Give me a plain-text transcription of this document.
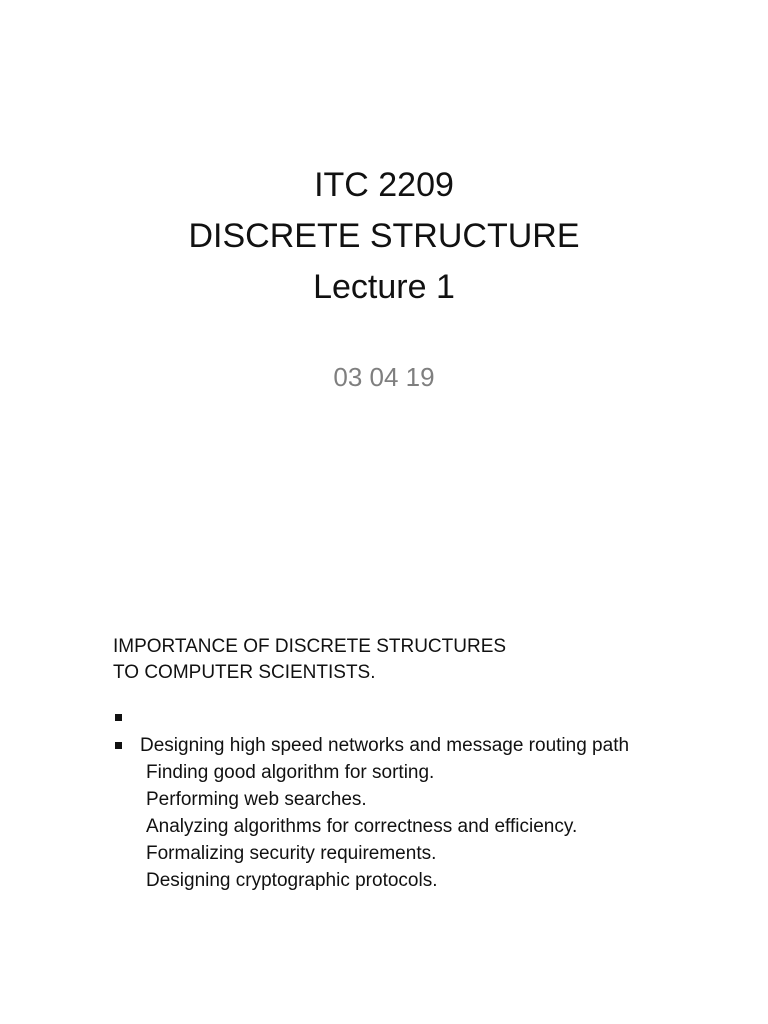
ITC 2209
DISCRETE STRUCTURE
Lecture 1
03 04 19
IMPORTANCE OF DISCRETE STRUCTURES
TO COMPUTER SCIENTISTS.
Designing high speed networks and message routing path
Finding good algorithm for sorting.
Performing web searches.
Analyzing algorithms for correctness and efficiency.
Formalizing security requirements.
Designing cryptographic protocols.
